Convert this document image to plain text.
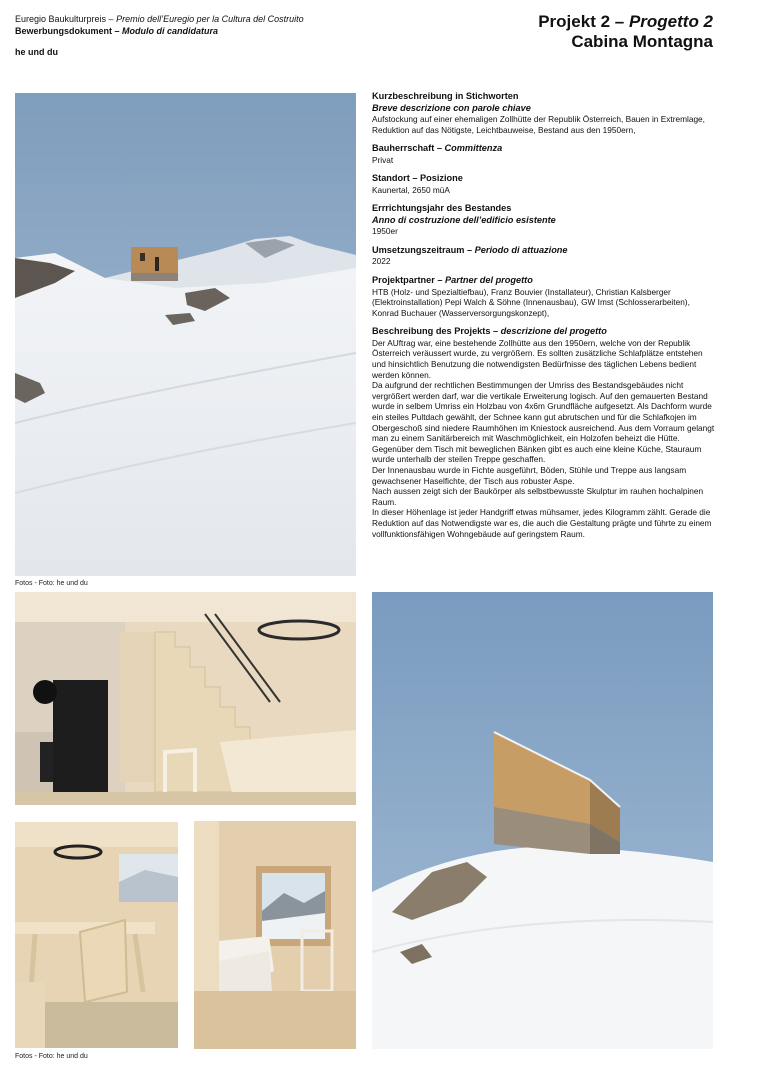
Euregio Baukulturpreis – Premio dell’Euregio per la Cultura del Costruito
Bewerbungsdokument – Modulo di candidatura
he und du
Projekt 2 – Progetto 2
Cabina Montagna
Fotos - Foto: he und du
Fotos - Foto: he und du
Kurzbeschreibung in Stichworten
Breve descrizione con parole chiave

Aufstockung auf einer ehemaligen Zollhütte der Republik Österreich, Bauen in Extremlage, Reduktion auf das Nötigste, Leichtbauweise, Bestand aus den 1950ern,

Bauherrschaft – Committenza

Privat

Standort – Posizione

Kaunertal, 2650 müA

Errrichtungsjahr des Bestandes
Anno di costruzione dell’edificio esistente

1950er

Umsetzungszeitraum – Periodo di attuazione

2022

Projektpartner – Partner del progetto

HTB (Holz- und Spezialtiefbau), Franz Bouvier (Installateur), Christian Kalsberger (Elektroinstallation) Pepi Walch & Söhne (Innenausbau), GW Imst (Schlosserarbeiten), Konrad Buchauer (Wasserversorgungskonzept),

Beschreibung des Projekts – descrizione del progetto

Der AUftrag war, eine bestehende Zollhütte aus den 1950ern, welche von der Republik Österreich veräussert wurde, zu vergrößern. Es sollten zusätzliche Schlafplätze entstehen und hinsichtlich Benutzung die notwendigsten Bedürfnisse des täglichen Lebens bedient werden können.

Da aufgrund der rechtlichen Bestimmungen der Umriss des Bestandsgebäudes nicht vergrößert werden darf, war die vertikale Erweiterung logisch. Auf den gemauerten Bestand wurde in selbem Umriss ein Holzbau von 4x6m Grundfläche aufgesetzt. Als Dachform wurde ein steiles Pultdach gewählt, der Schnee kann gut abrutschen und für die Schlafkojen im Obergeschoß sind niedere Raumhöhen im Kniestock ausreichend. Aus dem Vorraum gelangt man zu einem Sanitärbereich mit Waschmöglichkeit, ein Holzofen beheizt die Hütte. Gegenüber dem Tisch mit beweglichen Bänken gibt es auch eine kleine Küche, Stauraum wurde unterhalb der steilen Treppe geschaffen.

Der Innenausbau wurde in Fichte ausgeführt, Böden, Stühle und Treppe aus langsam gewachsener Haselfichte, der Tisch aus robuster Aspe.

Nach aussen zeigt sich der Baukörper als selbstbewusste Skulptur im rauhen hochalpinen Raum.

In dieser Höhenlage ist jeder Handgriff etwas mühsamer, jedes Kilogramm zählt. Gerade die Reduktion auf das Notwendigste war es, die auch die Gestaltung prägte und führte zu einem vollfunktionsfähigen Wohngebäude auf geringstem Raum.
